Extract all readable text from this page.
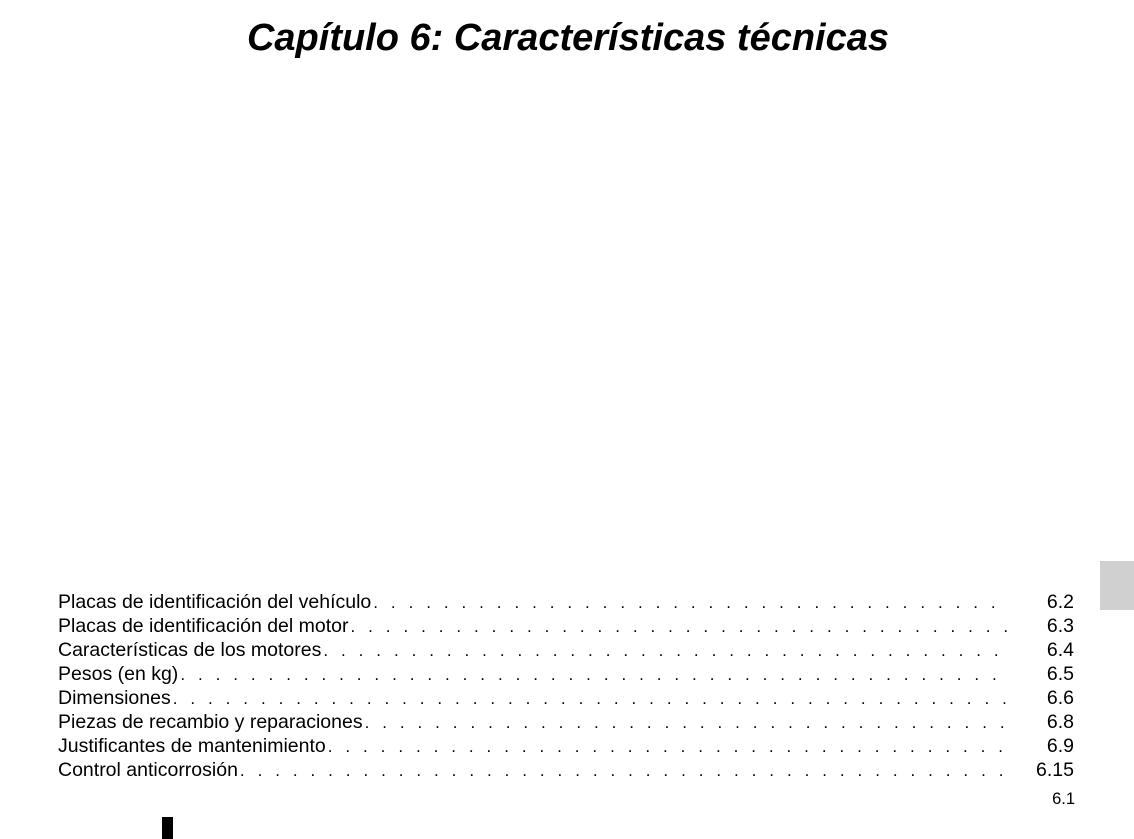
Capítulo 6: Características técnicas
Placas de identificación del vehículo . . .	6.2
Placas de identificación del motor . . .	6.3
Características de los motores . . .	6.4
Pesos (en kg) . . .	6.5
Dimensiones . . .	6.6
Piezas de recambio y reparaciones . . .	6.8
Justificantes de mantenimiento . . .	6.9
Control anticorrosión . . .	6.15
6.1
